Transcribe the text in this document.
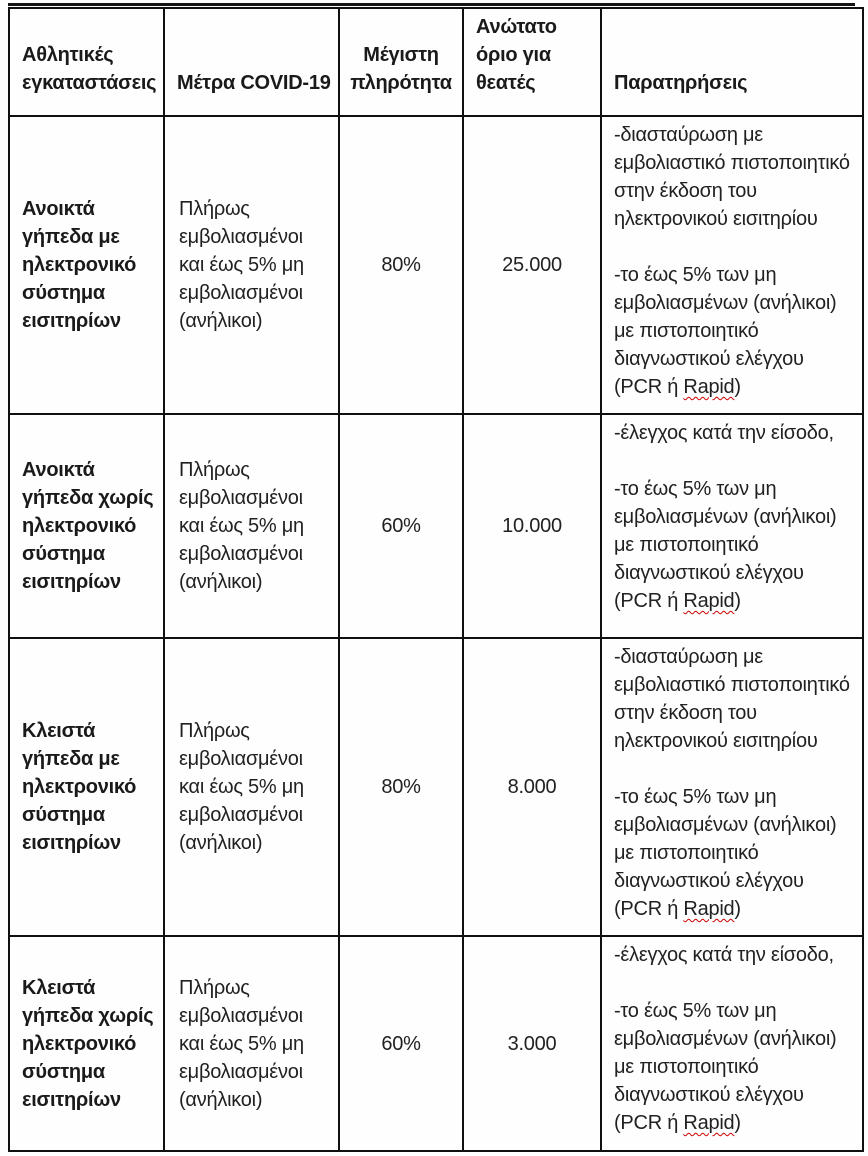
Αθλητικές εγκαταστάσεις	Μέτρα COVID-19	Μέγιστη πληρότητα	Ανώτατο όριο για θεατές	Παρατηρήσεις
Ανοικτά γήπεδα με ηλεκτρονικό σύστημα εισιτηρίων	Πλήρως εμβολιασμένοι και έως 5% μη εμβολιασμένοι (ανήλικοι)	80%	25.000	-διασταύρωση με εμβολιαστικό πιστοποιητικό στην έκδοση του ηλεκτρονικού εισιτηρίου

-το έως 5% των μη εμβολιασμένων (ανήλικοι) με πιστοποιητικό διαγνωστικού ελέγχου (PCR ή Rapid)

Ανοικτά γήπεδα χωρίς ηλεκτρονικό σύστημα εισιτηρίων	Πλήρως εμβολιασμένοι και έως 5% μη εμβολιασμένοι (ανήλικοι)	60%	10.000	-έλεγχος κατά την είσοδο,

-το έως 5% των μη εμβολιασμένων (ανήλικοι) με πιστοποιητικό διαγνωστικού ελέγχου (PCR ή Rapid)

Κλειστά γήπεδα με ηλεκτρονικό σύστημα εισιτηρίων	Πλήρως εμβολιασμένοι και έως 5% μη εμβολιασμένοι (ανήλικοι)	80%	8.000	-διασταύρωση με εμβολιαστικό πιστοποιητικό στην έκδοση του ηλεκτρονικού εισιτηρίου

-το έως 5% των μη εμβολιασμένων (ανήλικοι) με πιστοποιητικό διαγνωστικού ελέγχου (PCR ή Rapid)

Κλειστά γήπεδα χωρίς ηλεκτρονικό σύστημα εισιτηρίων	Πλήρως εμβολιασμένοι και έως 5% μη εμβολιασμένοι (ανήλικοι)	60%	3.000	-έλεγχος κατά την είσοδο,

-το έως 5% των μη εμβολιασμένων (ανήλικοι) με πιστοποιητικό διαγνωστικού ελέγχου (PCR ή Rapid)
